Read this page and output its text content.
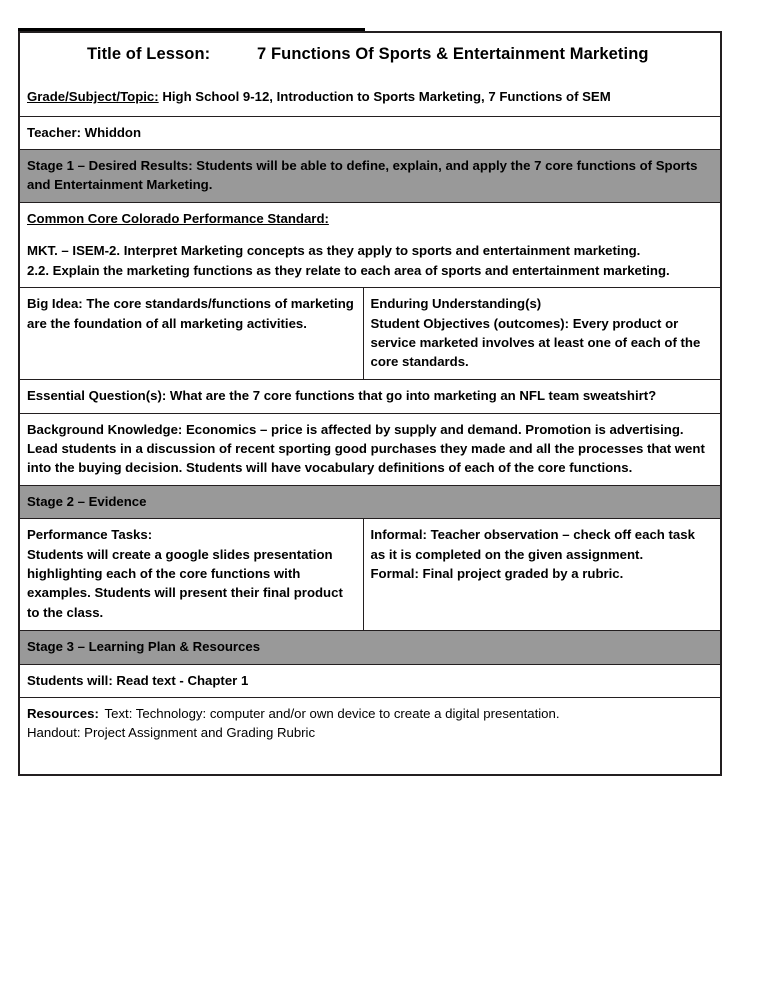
Title of Lesson: 7 Functions Of Sports & Entertainment Marketing	

Grade/Subject/Topic: High School 9-12, Introduction to Sports Marketing, 7 Functions of SEM	
Teacher: Whiddon	
Stage 1 – Desired Results: Students will be able to define, explain, and apply the 7 core functions of Sports and Entertainment Marketing.	
Common Core Colorado Performance Standard:
MKT. – ISEM-2. Interpret Marketing concepts as they apply to sports and entertainment marketing.
2.2. Explain the marketing functions as they relate to each area of sports and entertainment marketing.	

Big Idea: The core standards/functions of marketing are the foundation of all marketing activities.	Enduring Understanding(s)
Student Objectives (outcomes): Every product or service marketed involves at least one of each of the core standards.

Essential Question(s): What are the 7 core functions that go into marketing an NFL team sweatshirt?	
Background Knowledge: Economics – price is affected by supply and demand. Promotion is advertising. Lead students in a discussion of recent sporting good purchases they made and all the processes that went into the buying decision. Students will have vocabulary definitions of each of the core functions.	
Stage 2 – Evidence	

Performance Tasks:
Students will create a google slides presentation highlighting each of the core functions with examples. Students will present their final product to the class.	Informal: Teacher observation – check off each task as it is completed on the given assignment.
Formal: Final project graded by a rubric.

Stage 3 – Learning Plan & Resources	
Students will: Read text - Chapter 1	

Resources: Text: Technology: computer and/or own device to create a digital presentation.
Handout: Project Assignment and Grading Rubric	
